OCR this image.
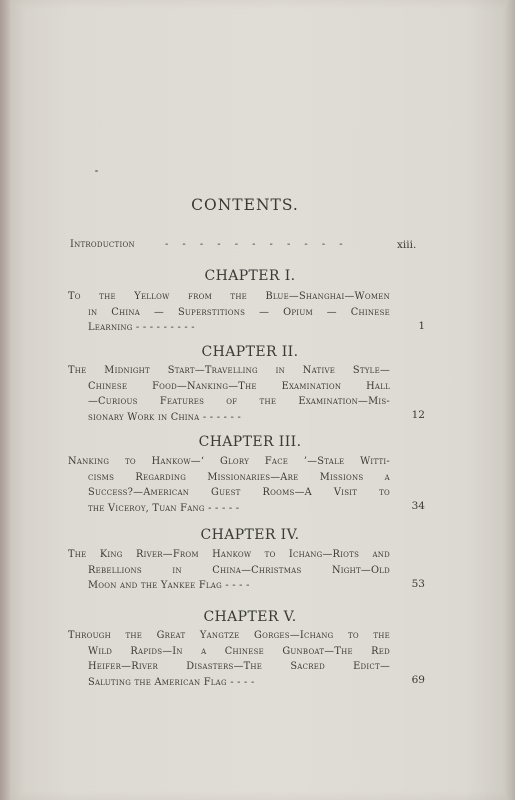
CONTENTS.
Introduction	- - - - - - - - - - -	xiii.
CHAPTER I.
To the Yellow from the Blue—Shanghai—Women
in China — Superstitions — Opium — Chinese
Learning - - - - - - - - -	1
CHAPTER II.
The Midnight Start—Travelling in Native Style—
Chinese Food—Nanking—The Examination Hall
—Curious Features of the Examination—Mis-
sionary Work in China - - - - - -	12
CHAPTER III.
Nanking to Hankow—‘ Glory Face ’—Stale Witti-
cisms Regarding Missionaries—Are Missions a
Success?—American Guest Rooms—A Visit to
the Viceroy, Tuan Fang - - - - -	34
CHAPTER IV.
The King River—From Hankow to Ichang—Riots and
Rebellions in China—Christmas Night—Old
Moon and the Yankee Flag - - - -	53
CHAPTER V.
Through the Great Yangtze Gorges—Ichang to the
Wild Rapids—In a Chinese Gunboat—The Red
Heifer—River Disasters—The Sacred Edict—
Saluting the American Flag - - - -	69
